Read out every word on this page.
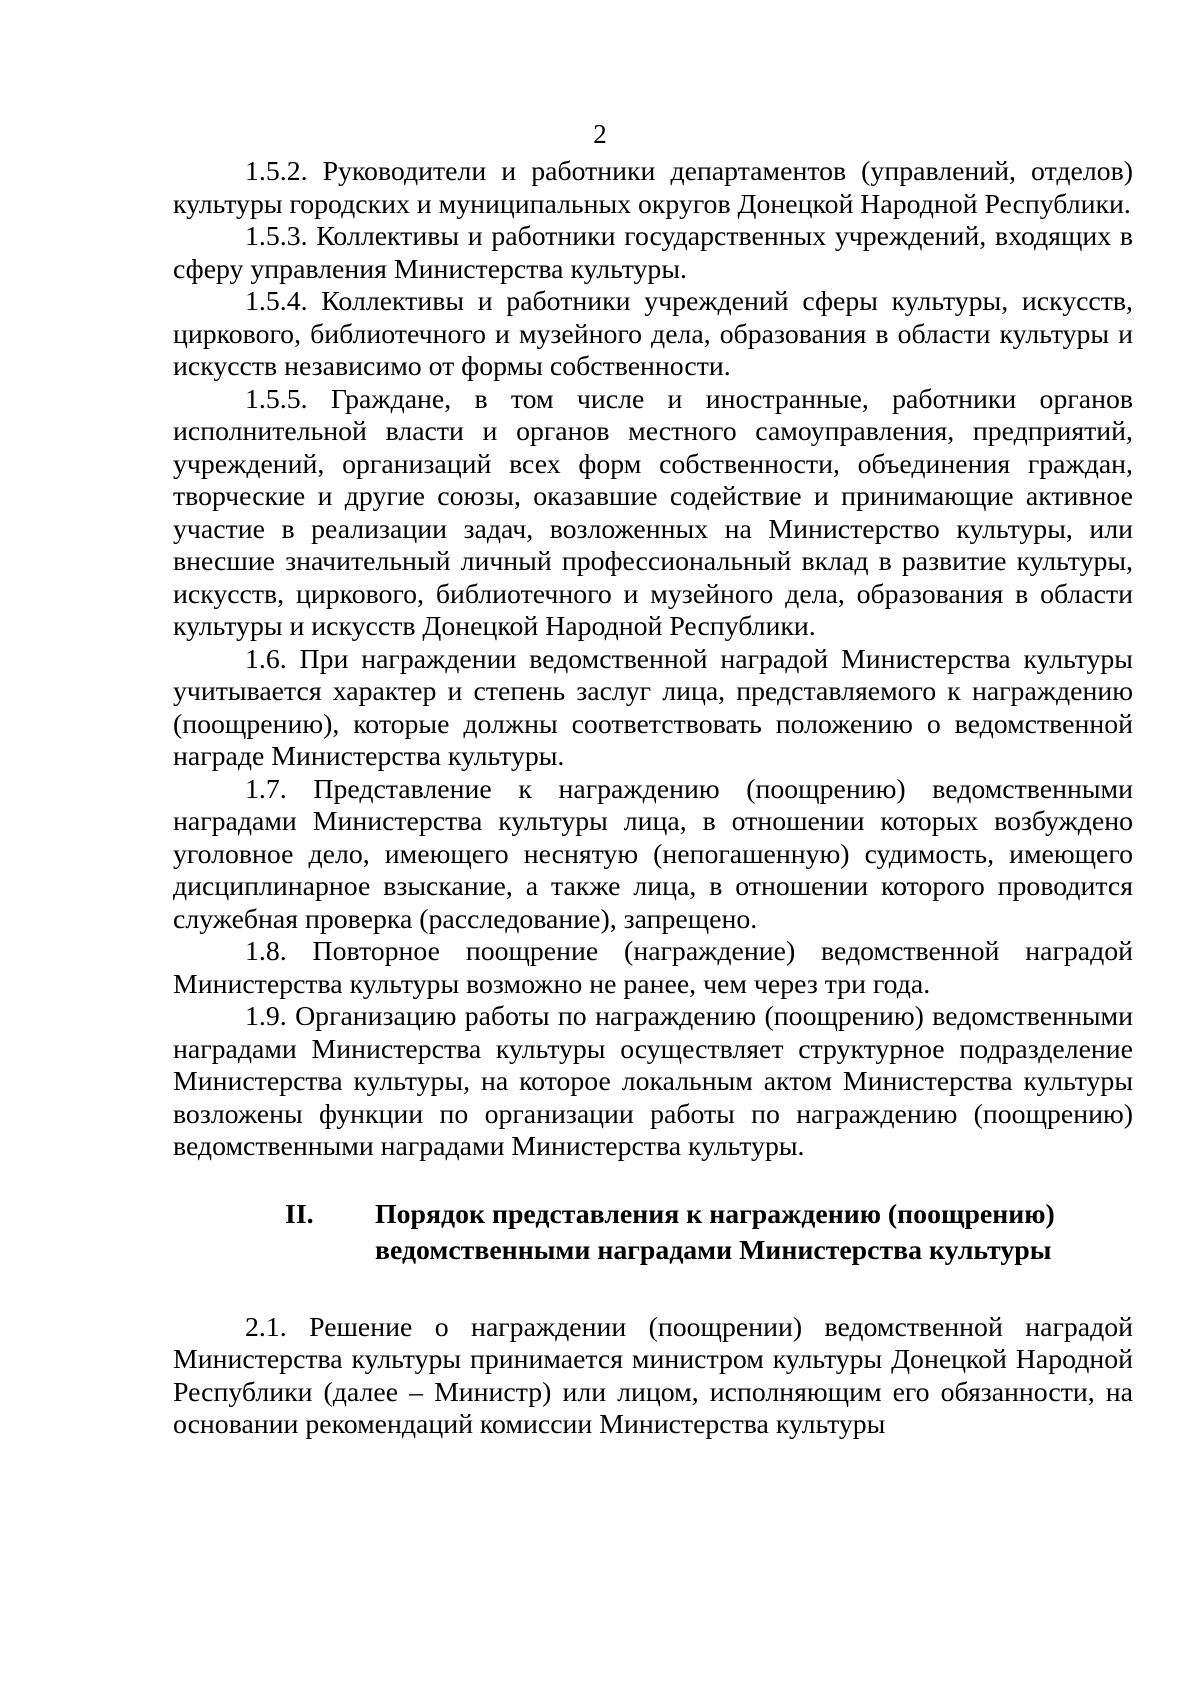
2

1.5.2. Руководители и работники департаментов (управлений, отделов) культуры городских и муниципальных округов Донецкой Народной Республики.

1.5.3. Коллективы и работники государственных учреждений, входящих в сферу управления Министерства культуры.

1.5.4. Коллективы и работники учреждений сферы культуры, искусств, циркового, библиотечного и музейного дела, образования в области культуры и искусств независимо от формы собственности.

1.5.5. Граждане, в том числе и иностранные, работники органов исполнительной власти и органов местного самоуправления, предприятий, учреждений, организаций всех форм собственности, объединения граждан, творческие и другие союзы, оказавшие содействие и принимающие активное участие в реализации задач, возложенных на Министерство культуры, или внесшие значительный личный профессиональный вклад в развитие культуры, искусств, циркового, библиотечного и музейного дела, образования в области культуры и искусств Донецкой Народной Республики.

1.6. При награждении ведомственной наградой Министерства культуры учитывается характер и степень заслуг лица, представляемого к награждению (поощрению), которые должны соответствовать положению о ведомственной награде Министерства культуры.

1.7. Представление к награждению (поощрению) ведомственными наградами Министерства культуры лица, в отношении которых возбуждено уголовное дело, имеющего неснятую (непогашенную) судимость, имеющего дисциплинарное взыскание, а также лица, в отношении которого проводится служебная проверка (расследование), запрещено.

1.8. Повторное поощрение (награждение) ведомственной наградой Министерства культуры возможно не ранее, чем через три года.

1.9. Организацию работы по награждению (поощрению) ведомственными наградами Министерства культуры осуществляет структурное подразделение Министерства культуры, на которое локальным актом Министерства культуры возложены функции по организации работы по награждению (поощрению) ведомственными наградами Министерства культуры.

II.	Порядок представления к награждению (поощрению) ведомственными наградами Министерства культуры

2.1. Решение о награждении (поощрении) ведомственной наградой Министерства культуры принимается министром культуры Донецкой Народной Республики (далее – Министр) или лицом, исполняющим его обязанности, на основании рекомендаций комиссии Министерства культуры
